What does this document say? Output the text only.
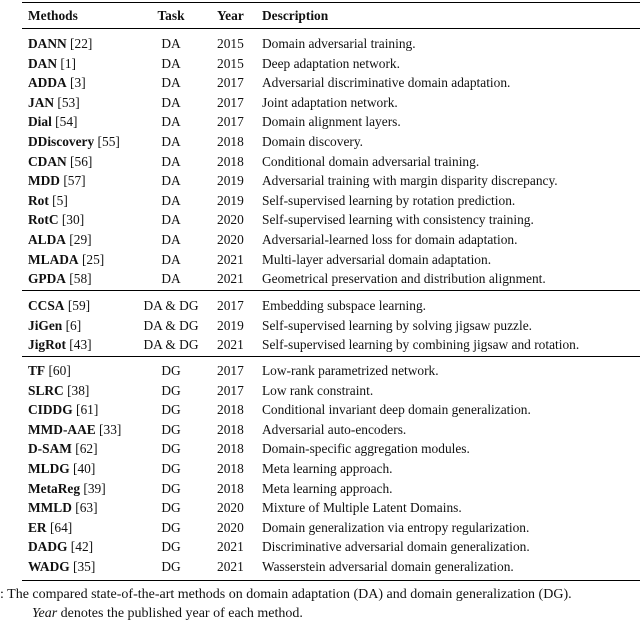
Methods	Task	Year Description
DANN [22]	DA	2015 Domain adversarial training.
DAN [1]	DA	2015 Deep adaptation network.
ADDA [3]	DA	2017 Adversarial discriminative domain adaptation.
JAN [53]	DA	2017 Joint adaptation network.
Dial [54]	DA	2017 Domain alignment layers.
DDiscovery [55]	DA	2018 Domain discovery.
CDAN [56]	DA	2018 Conditional domain adversarial training.
MDD [57]	DA	2019 Adversarial training with margin disparity discrepancy.
Rot [5]	DA	2019 Self-supervised learning by rotation prediction.
RotC [30]	DA	2020 Self-supervised learning with consistency training.
ALDA [29]	DA	2020 Adversarial-learned loss for domain adaptation.
MLADA [25]	DA	2021 Multi-layer adversarial domain adaptation.
GPDA [58]	DA	2021 Geometrical preservation and distribution alignment.
CCSA [59]	DA & DG	2017 Embedding subspace learning.
JiGen [6]	DA & DG	2019 Self-supervised learning by solving jigsaw puzzle.
JigRot [43]	DA & DG	2021 Self-supervised learning by combining jigsaw and rotation.
TF [60]	DG	2017 Low-rank parametrized network.
SLRC [38]	DG	2017 Low rank constraint.
CIDDG [61]	DG	2018 Conditional invariant deep domain generalization.
MMD-AAE [33]	DG	2018 Adversarial auto-encoders.
D-SAM [62]	DG	2018 Domain-specific aggregation modules.
MLDG [40]	DG	2018 Meta learning approach.
MetaReg [39]	DG	2018 Meta learning approach.
MMLD [63]	DG	2020 Mixture of Multiple Latent Domains.
ER [64]	DG	2020 Domain generalization via entropy regularization.
DADG [42]	DG	2021 Discriminative adversarial domain generalization.
WADG [35]	DG	2021 Wasserstein adversarial domain generalization.
: The compared state-of-the-art methods on domain adaptation (DA) and domain generalization (DG).
Year denotes the published year of each method.
